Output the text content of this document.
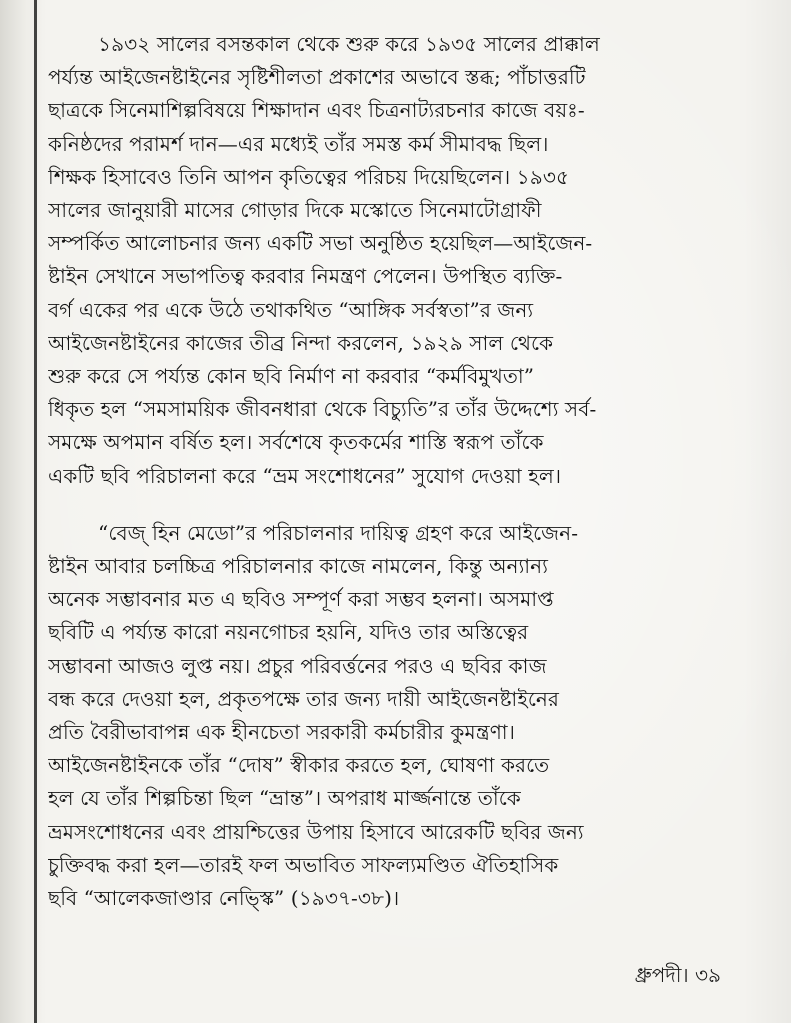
১৯৩২ সালের বসন্তকাল থেকে শুরু করে ১৯৩৫ সালের প্রাক্কাল
পর্য্যন্ত আইজেনষ্টাইনের সৃষ্টিশীলতা প্রকাশের অভাবে স্তব্ধ; পাঁচাত্তরটি
ছাত্রকে সিনেমাশিল্পবিষয়ে শিক্ষাদান এবং চিত্রনাট্যরচনার কাজে বয়ঃ-
কনিষ্ঠদের পরামর্শ দান—এর মধ্যেই তাঁর সমস্ত কর্ম সীমাবদ্ধ ছিল।
শিক্ষক হিসাবেও তিনি আপন কৃতিত্বের পরিচয় দিয়েছিলেন। ১৯৩৫
সালের জানুয়ারী মাসের গোড়ার দিকে মস্কোতে সিনেমাটোগ্রাফী
সম্পর্কিত আলোচনার জন্য একটি সভা অনুষ্ঠিত হয়েছিল—আইজেন-
ষ্টাইন সেখানে সভাপতিত্ব করবার নিমন্ত্রণ পেলেন। উপস্থিত ব্যক্তি-
বর্গ একের পর একে উঠে তথাকথিত “আঙ্গিক সর্বস্বতা”র জন্য
আইজেনষ্টাইনের কাজের তীব্র নিন্দা করলেন, ১৯২৯ সাল থেকে
শুরু করে সে পর্য্যন্ত কোন ছবি নির্মাণ না করবার “কর্মবিমুখতা”
ধিকৃত হল “সমসাময়িক জীবনধারা থেকে বিচ্যুতি”র তাঁর উদ্দেশ্যে সর্ব-
সমক্ষে অপমান বর্ষিত হল। সর্বশেষে কৃতকর্মের শাস্তি স্বরূপ তাঁকে
একটি ছবি পরিচালনা করে “ভ্রম সংশোধনের” সুযোগ দেওয়া হল।
“বেজ্ হিন মেডো”র পরিচালনার দায়িত্ব গ্রহণ করে আইজেন-
ষ্টাইন আবার চলচ্চিত্র পরিচালনার কাজে নামলেন, কিন্তু অন্যান্য
অনেক সম্ভাবনার মত এ ছবিও সম্পূর্ণ করা সম্ভব হলনা। অসমাপ্ত
ছবিটি এ পর্য্যন্ত কারো নয়নগোচর হয়নি, যদিও তার অস্তিত্বের
সম্ভাবনা আজও লুপ্ত নয়। প্রচুর পরিবর্ত্তনের পরও এ ছবির কাজ
বন্ধ করে দেওয়া হল, প্রকৃতপক্ষে তার জন্য দায়ী আইজেনষ্টাইনের
প্রতি বৈরীভাবাপন্ন এক হীনচেতা সরকারী কর্মচারীর কুমন্ত্রণা।
আইজেনষ্টাইনকে তাঁর “দোষ” স্বীকার করতে হল, ঘোষণা করতে
হল যে তাঁর শিল্পচিন্তা ছিল “ভ্রান্ত”। অপরাধ মার্জ্জনান্তে তাঁকে
ভ্রমসংশোধনের এবং প্রায়শ্চিত্তের উপায় হিসাবে আরেকটি ছবির জন্য
চুক্তিবদ্ধ করা হল—তারই ফল অভাবিত সাফল্যমণ্ডিত ঐতিহাসিক
ছবি “আলেকজাণ্ডার নেভ্স্কি” (১৯৩৭-৩৮)।
ধ্রুপদী। ৩৯
